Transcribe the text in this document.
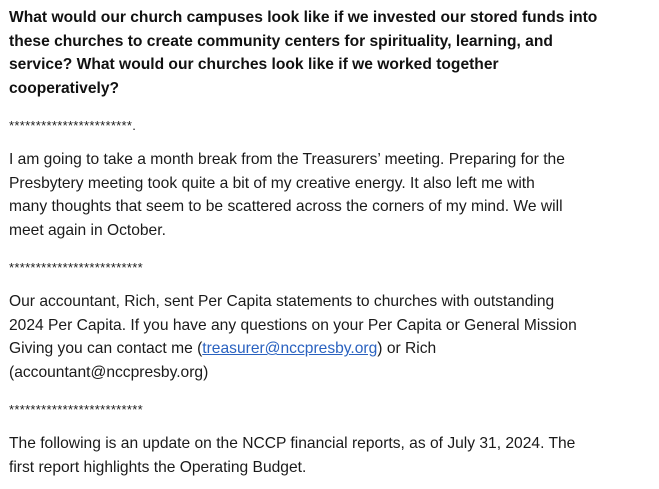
What would our church campuses look like if we invested our stored funds into

these churches to create community centers for spirituality, learning, and

service? What would our churches look like if we worked together

cooperatively?

***********************.

I am going to take a month break from the Treasurers’ meeting. Preparing for the

Presbytery meeting took quite a bit of my creative energy. It also left me with

many thoughts that seem to be scattered across the corners of my mind. We will

meet again in October.

*************************

Our accountant, Rich, sent Per Capita statements to churches with outstanding

2024 Per Capita. If you have any questions on your Per Capita or General Mission

Giving you can contact me (treasurer@nccpresby.org) or Rich

(accountant@nccpresby.org)

*************************

The following is an update on the NCCP financial reports, as of July 31, 2024. The

first report highlights the Operating Budget.
